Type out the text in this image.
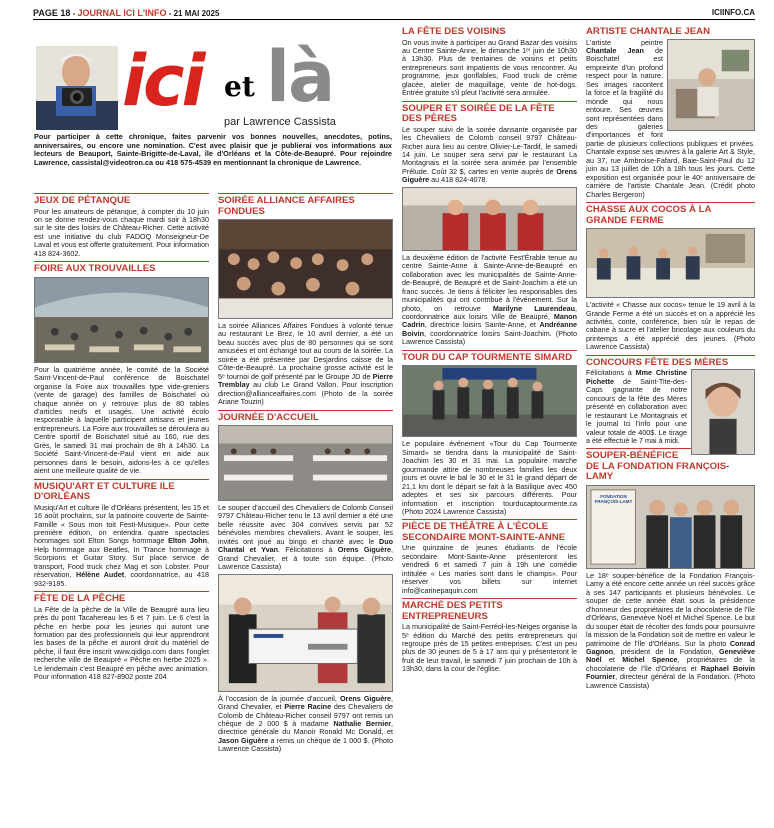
PAGE 18 - JOURNAL ICI L'INFO - 21 MAI 2025	ICIINFO.CA
ici et là
par Lawrence Cassista
Pour participer à cette chronique, faites parvenir vos bonnes nouvelles, anecdotes, potins, anniversaires, ou encore une nomination. C'est avec plaisir que je publierai vos informations aux lecteurs de Beauport, Sainte-Brigitte-de-Laval, île d'Orléans et la Côte-de-Beaupré. Pour rejoindre Lawrence, cassistal@videotron.ca ou 418 575-4539 en mentionnant la chronique de Lawrence.
JEUX DE PÉTANQUE

Pour les amateurs de pétanque, à compter du 10 juin on se donne rendez-vous chaque mardi soir à 18h30 sur le site des loisirs de Château-Richer. Cette activité est une initiative du club FADOQ Monseigneur-De Laval et vous est offerte gratuitement. Pour information 418 824-3602.

FOIRE AUX TROUVAILLES

Pour la quatrième année, le comité de la Société Saint-Vincent-de-Paul conférence de Boischatel organise la Foire aux trouvailles type vide-greniers (vente de garage) des familles de Boischatel où chaque année on y retrouve plus de 80 tables d'articles neufs et usagés. Une activité écolo responsable à laquelle participent artisans et jeunes entrepreneurs. La Foire aux trouvailles se déroulera au Centre sportif de Boischatel situé au 160, rue des Grès, le samedi 31 mai prochain de 8h à 14h30. La Société Saint-Vincent-de-Paul vient en aide aux personnes dans le besoin, aidons-les à ce qu'elles aient une meilleure qualité de vie.

MUSIQU'ART ET CULTURE ILE D'ORLÉANS

Musiqu'Art et culture île d'Orléans présentent, les 15 et 16 août prochains, sur la patinoire couverte de Sainte-Famille « Sous mon toit Festi-Musique». Pour cette première édition, on entendra quatre spectacles hommages soit Elton Songs hommage Elton John, Help hommage aux Beatles, In Trance hommage à Scorpions et Guitar Story. Sur place service de transport, Food truck chez Mag et son Lobster. Pour réservation, Hélène Audet, coordonnatrice, au 418 932-9185.

FÊTE DE LA PÊCHE

La Fête de la pêche de la Ville de Beaupré aura lieu près du pont Tacahereau les 6 et 7 juin. Le 6 c'est la pêche en herbe pour les jeunes qui auront une formation par des professionnels qui leur apprendront les bases de la pêche et auront droit du matériel de pêche, il faut être inscrit www.qidigo.com dans l'onglet recherche ville de Beaupré « Pêche en herbe 2025 ». Le lendemain c'est Beaupré en pêche avec animation. Pour information 418 827-8902 poste 204

SOIRÉE ALLIANCE AFFAIRES FONDUES

La soirée Alliances Affaires Fondues à volonté tenue au restaurant Le Brez, le 10 avril dernier, a été un beau succès avec plus de 80 personnes qui se sont amusées et ont échangé tout au cours de la soirée. La soirée a été présentée par Desjardins caisse de la Côte-de-Beaupré. La prochaine grosse activité est le 5ᵉ tournoi de golf présenté par le Groupe JD de Pierre Tremblay au club Le Grand Vallon. Pour inscription direction@allianceaffaires.com (Photo de la soirée Ariane Touzin)

JOURNÉE D'ACCUEIL

Le souper d'accueil des Chevaliers de Colomb Conseil 9797 Château-Richer tenu le 13 avril dernier a été une belle réussite avec 304 convives servis par 52 bénévoles membres chevaliers. Avant le souper, les invités ont joué au bingo et chanté avec le Duo Chantal et Yvan. Félicitations à Orens Giguère, Grand Chevalier, et à toute son équipe. (Photo Lawrence Cassista)

À l'occasion de la journée d'accueil, Orens Giguère, Grand Chevalier, et Pierre Racine des Chevaliers de Colomb de Château-Richer conseil 9797 ont remis un chèque de 2 000 $ à madame Nathalie Bernier, directrice générale du Manoir Ronald Mc Donald, et Jason Giguère a remis un chèque de 1 000 $. (Photo Lawrence Cassista)

LA FÊTE DES VOISINS

On vous invite à participer au Grand Bazar des voisins au Centre Sainte-Anne, le dimanche 1ᵉʳ juin de 10h30 à 13h30. Plus de trentaines de voisins et petits entrepreneurs sont impatients de vous rencontrer. Au programme, jeux gonflables, Food truck de crème glacée, atelier de maquillage, vente de hot-dogs. Entrée gratuite s'il pleut l'activité sera annulée.

SOUPER ET SOIRÉE DE LA FÊTE DES PÈRES

Le souper suivi de la soirée dansante organisée par les Chevaliers de Colomb conseil 9797 Château-Richer aura lieu au centre Olivier-Le-Tardif, le samedi 14 juin. Le souper sera servi par le restaurant La Montagnais et la soirée sera animée par l'ensemble Prélude. Coût 32 $, cartes en vente auprès de Orens Giguère au 418 824-4078.

La deuxième édition de l'activité Fest'Érable tenue au centre Sainte-Anne à Sainte-Anne-de-Beaupré en collaboration avec les municipalités de Sainte-Anne-de-Beaupré, de Beaupré et de Saint-Joachim a été un franc succès. Je tiens à féliciter les responsables des municipalités qui ont contribué à l'événement. Sur la photo, on retrouve Marilyne Laurendeau, coordonnatrice aux loisirs Ville de Beaupré, Manon Cadrin, directrice loisirs Sainte-Anne, et Andréanne Boivin, coordonnatrice loisirs Saint-Joachim. (Photo Lawrence Cassista)

TOUR DU CAP TOURMENTE SIMARD

Le populaire événement «Tour du Cap Tourmente Simard» se tiendra dans la municipalité de Saint-Joachim les 30 et 31 mai. La populaire marche gourmande attire de nombreuses familles les deux jours et ouvre le bal le 30 et le 31 le grand départ de 21,1 km dont le départ se fait à la Basilique avec 450 adeptes et ses six parcours différents. Pour information et inscription tourducaptourmente.ca (Photo 2024 Lawrence Cassista)

PIÈCE DE THÉÂTRE À L'ÉCOLE SECONDAIRE MONT-SAINTE-ANNE

Une quinzaine de jeunes étudiants de l'école secondaire Mont-Sainte-Anne présenteront les vendredi 6 et samedi 7 juin à 19h une comédie intitulée « Les maries sont dans le champs». Pour réserver vos billets sur internet info@carinepaquin.com

MARCHÉ DES PETITS ENTREPRENEURS

La municipalité de Saint-Ferréol-les-Neiges organise la 5ᵉ édition du Marché des petits entrepreneurs qui regroupe près de 15 petites entreprises. C'est un peu plus de 30 jeunes de 5 à 17 ans qui y présenteront le fruit de leur travail, le samedi 7 juin prochain de 10h à 13h30, dans la cour de l'église.

ARTISTE CHANTALE JEAN

L'artiste peintre Chantale Jean de Boischatel est empreinte d'un profond respect pour la nature. Ses images racontent la force et la fragilité du monde qui nous entoure. Ses œuvres sont représentées dans des galeries d'importances et font partie de plusieurs collections publiques et privées. Chantale expose ses œuvres à la galerie Art & Style, au 37, rue Ambroise-Fafard, Baie-Saint-Paul du 12 juin au 13 juillet de 10h à 18h tous les jours. Cette exposition est organisée pour le 40ᵉ anniversaire de carrière de l'artiste Chantale Jean. (Crédit photo Charles Bergeron)

CHASSE AUX COCOS À LA GRANDE FERME

L'activité « Chasse aux cocos» tenue le 19 avril à la Grande Ferme a été un succès et on a apprécié les activités, conte, conférence, bien sûr le repas de cabane à sucre et l'atelier bricolage aux couleurs du printemps a été apprécié des jeunes. (Photo Lawrence Cassista)

CONCOURS FÊTE DES MÈRES

Félicitations à Mme Christine Pichette de Saint-Tite-des-Caps gagnante de notre concours de la fête des Mères présenté en collaboration avec le restaurant Le Montagnais et le journal Ici l'info pour une valeur totale de 400$. Le tirage a été effectué le 7 mai à midi.

SOUPER-BÉNÉFICE DE LA FONDATION FRANÇOIS-LAMY
FONDATION FRANÇOIS-LAMY

Le 18ᵉ souper-bénéfice de la Fondation François-Lamy a été encore cette année un réel succès grâce à ses 147 participants et plusieurs bénévoles. Le souper de cette année était sous la présidence d'honneur des propriétaires de la chocolaterie de l'île d'Orléans, Geneviève Noël et Michel Spence. Le but du souper était de récolter des fonds pour poursuivre la mission de la Fondation soit de mettre en valeur le patrimoine de l'île d'Orléans. Sur la photo Conrad Gagnon, président de la Fondation, Geneviève Noël et Michel Spence, propriétaires de la chocolaterie de l'île d'Orléans et Raphael Boivin Fournier, directeur général de la Fondation. (Photo Lawrence Cassista)
